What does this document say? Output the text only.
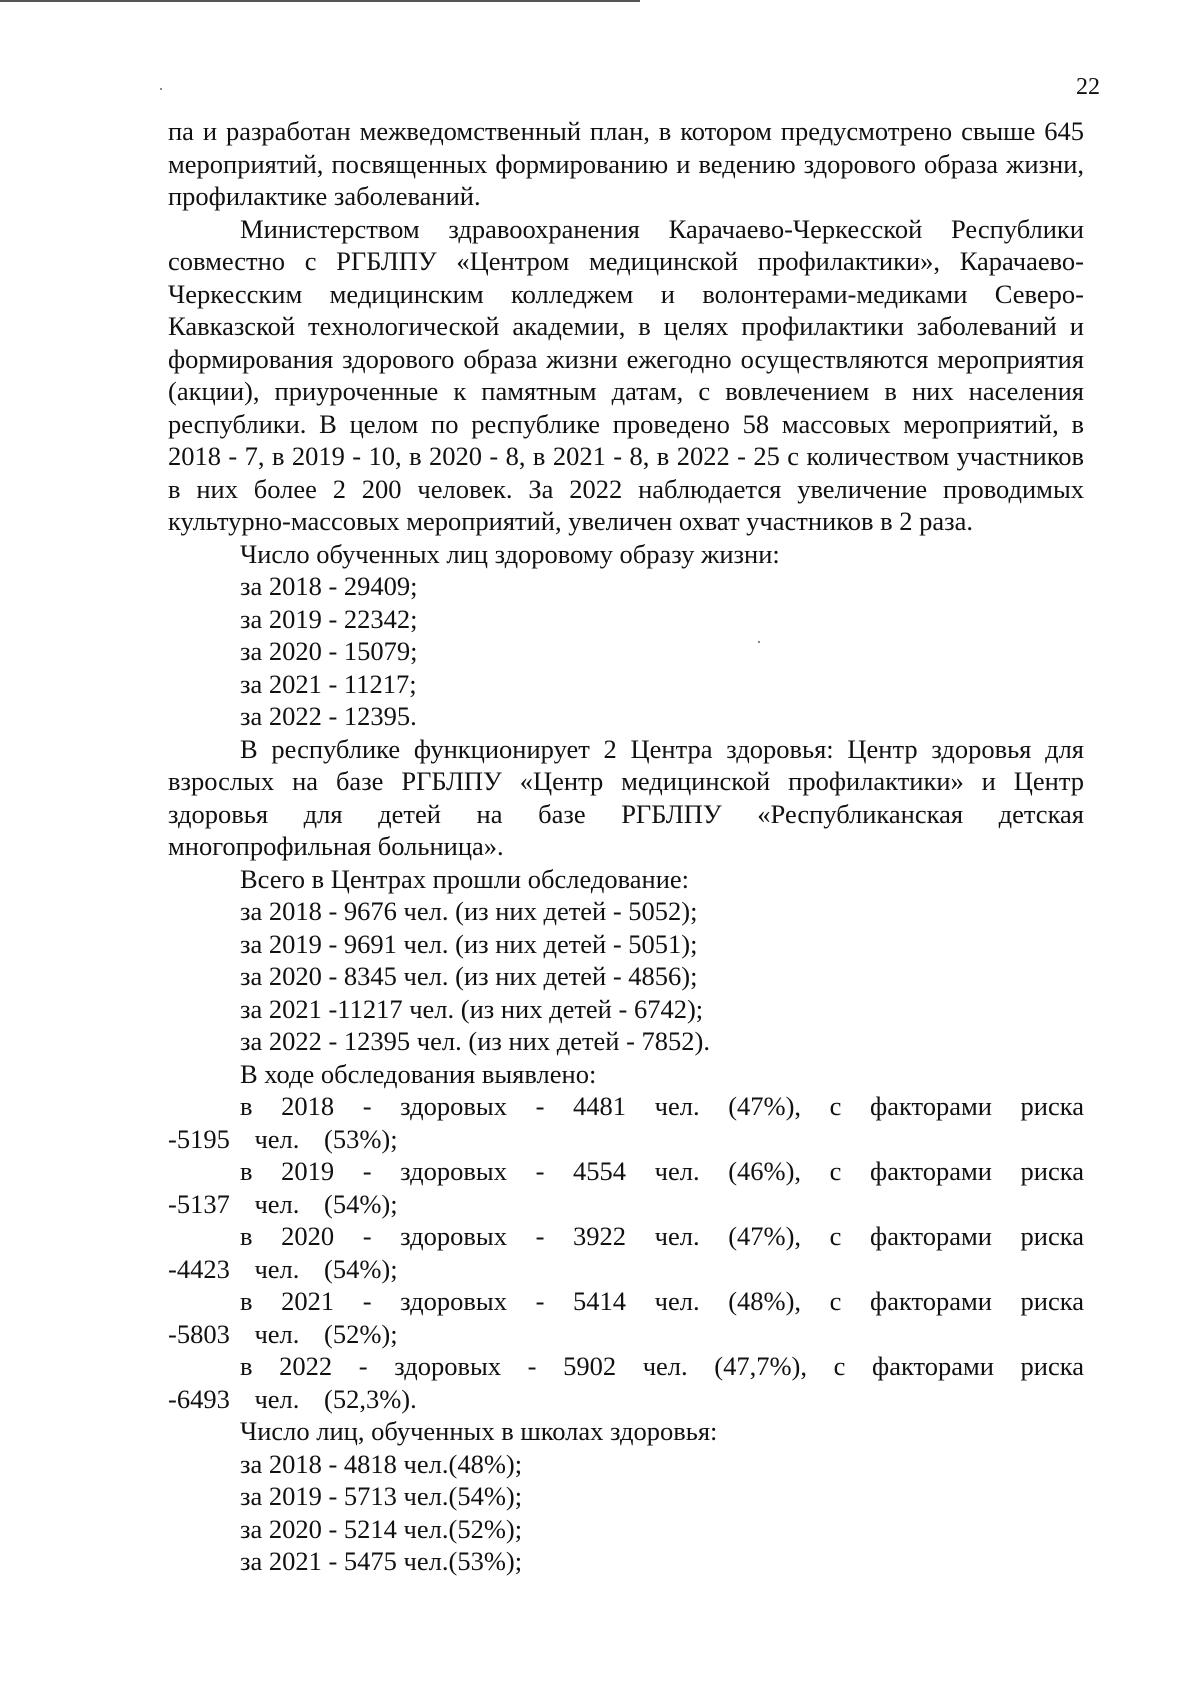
22

па и разработан межведомственный план, в котором предусмотрено свыше 645 мероприятий, посвященных формированию и ведению здорового образа жизни, профилактике заболеваний.

Министерством здравоохранения Карачаево-Черкесской Республики совместно с РГБЛПУ «Центром медицинской профилактики», Карачаево-Черкесским медицинским колледжем и волонтерами-медиками Северо-Кавказской технологической академии, в целях профилактики заболеваний и формирования здорового образа жизни ежегодно осуществляются мероприятия (акции), приуроченные к памятным датам, с вовлечением в них населения республики. В целом по республике проведено 58 массовых мероприятий, в 2018 - 7, в 2019 - 10, в 2020 - 8, в 2021 - 8, в 2022 - 25 с количеством участников в них более 2 200 человек. За 2022 наблюдается увеличение проводимых культурно-массовых мероприятий, увеличен охват участников в 2 раза.

Число обученных лиц здоровому образу жизни:

за 2018 - 29409;

за 2019 - 22342;

за 2020 - 15079;

за 2021 - 11217;

за 2022 - 12395.

В республике функционирует 2 Центра здоровья: Центр здоровья для взрослых на базе РГБЛПУ «Центр медицинской профилактики» и Центр здоровья для детей на базе РГБЛПУ «Республиканская детская

многопрофильная больница».

Всего в Центрах прошли обследование:

за 2018 - 9676 чел. (из них детей - 5052);

за 2019 - 9691 чел. (из них детей - 5051);

за 2020 - 8345 чел. (из них детей - 4856);

за 2021 -11217 чел. (из них детей - 6742);

за 2022 - 12395 чел. (из них детей - 7852).

В ходе обследования выявлено:

в 2018 - здоровых - 4481 чел. (47%), с факторами риска -5195 чел. (53%);

в 2019 - здоровых - 4554 чел. (46%), с факторами риска -5137 чел. (54%);

в 2020 - здоровых - 3922 чел. (47%), с факторами риска -4423 чел. (54%);

в 2021 - здоровых - 5414 чел. (48%), с факторами риска -5803 чел. (52%);

в 2022 - здоровых - 5902 чел. (47,7%), с факторами риска -6493 чел. (52,3%).

Число лиц, обученных в школах здоровья:

за 2018 - 4818 чел.(48%);

за 2019 - 5713 чел.(54%);

за 2020 - 5214 чел.(52%);

за 2021 - 5475 чел.(53%);
